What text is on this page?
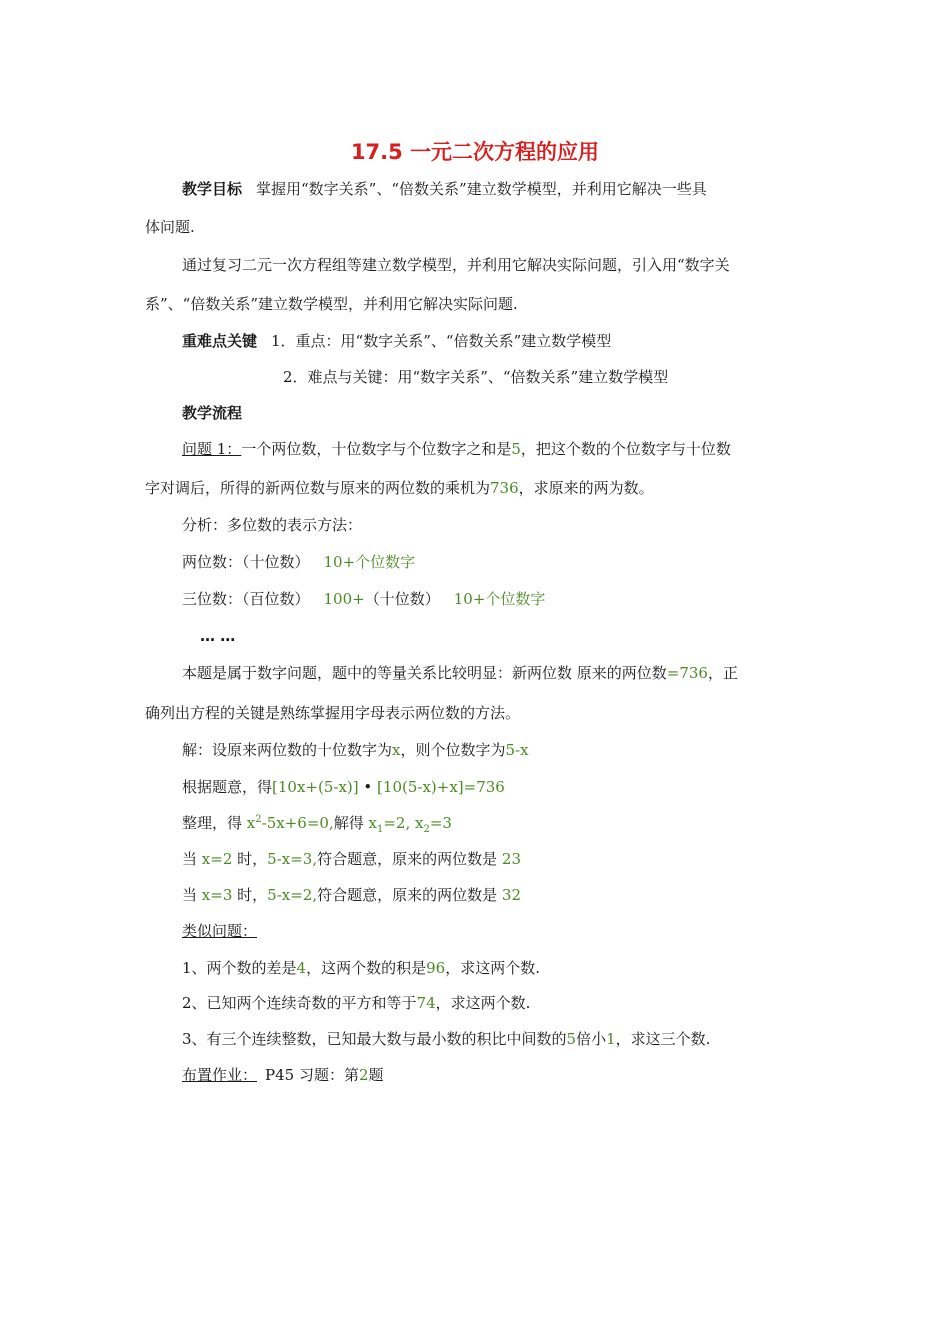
17.5 一元二次方程的应用
教学目标 掌握用“数字关系”、“倍数关系”建立数学模型，并利用它解决一些具
体问题.
通过复习二元一次方程组等建立数学模型，并利用它解决实际问题，引入用“数字关
系”、“倍数关系”建立数学模型，并利用它解决实际问题.
重难点关键 1．重点：用“数字关系”、“倍数关系”建立数学模型
2．难点与关键：用“数字关系”、“倍数关系”建立数学模型
教学流程
问题 1：一个两位数，十位数字与个位数字之和是5，把这个数的个位数字与十位数
字对调后，所得的新两位数与原来的两位数的乘机为736，求原来的两为数。
分析：多位数的表示方法：
两位数：（十位数） 10+个位数字
三位数：（百位数） 100+（十位数） 10+个位数字
… …
本题是属于数字问题，题中的等量关系比较明显：新两位数 原来的两位数=736，正
确列出方程的关键是熟练掌握用字母表示两位数的方法。
解：设原来两位数的十位数字为x，则个位数字为5-x
根据题意，得[10x+(5-x)] • [10(5-x)+x]=736
整理，得 $x^2-5x+6=0$,解得 $x_1=2$, $x_2=3$
当 x=2 时，5-x=3,符合题意，原来的两位数是 23
当 x=3 时，5-x=2,符合题意，原来的两位数是 32
类似问题：
1、两个数的差是4，这两个数的积是96，求这两个数.
2、已知两个连续奇数的平方和等于74，求这两个数.
3、有三个连续整数，已知最大数与最小数的积比中间数的5倍小1，求这三个数.
布置作业： P45 习题：第2题
